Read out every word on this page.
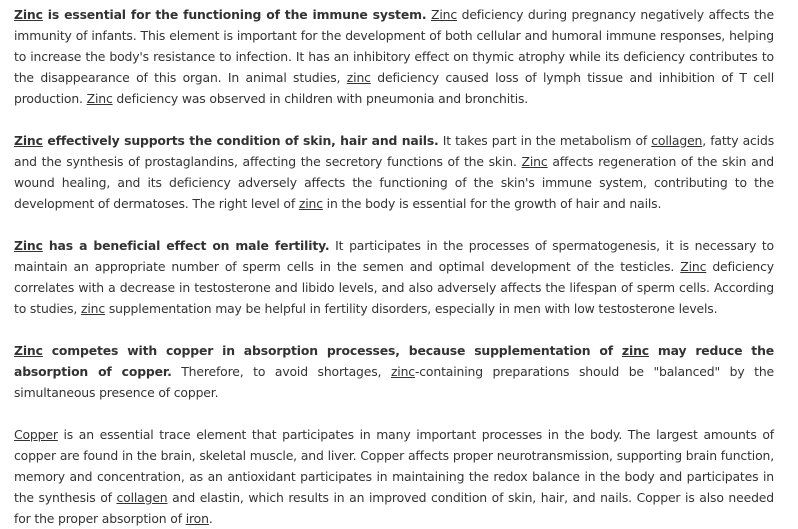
Zinc is essential for the functioning of the immune system. Zinc deficiency during pregnancy negatively affects the immunity of infants. This element is important for the development of both cellular and humoral immune responses, helping to increase the body's resistance to infection. It has an inhibitory effect on thymic atrophy while its deficiency contributes to the disappearance of this organ. In animal studies, zinc deficiency caused loss of lymph tissue and inhibition of T cell production. Zinc deficiency was observed in children with pneumonia and bronchitis.

Zinc effectively supports the condition of skin, hair and nails. It takes part in the metabolism of collagen, fatty acids and the synthesis of prostaglandins, affecting the secretory functions of the skin. Zinc affects regeneration of the skin and wound healing, and its deficiency adversely affects the functioning of the skin's immune system, contributing to the development of dermatoses. The right level of zinc in the body is essential for the growth of hair and nails.

Zinc has a beneficial effect on male fertility. It participates in the processes of spermatogenesis, it is necessary to maintain an appropriate number of sperm cells in the semen and optimal development of the testicles. Zinc deficiency correlates with a decrease in testosterone and libido levels, and also adversely affects the lifespan of sperm cells. According to studies, zinc supplementation may be helpful in fertility disorders, especially in men with low testosterone levels.

Zinc competes with copper in absorption processes, because supplementation of zinc may reduce the absorption of copper. Therefore, to avoid shortages, zinc-containing preparations should be "balanced" by the simultaneous presence of copper.

Copper is an essential trace element that participates in many important processes in the body. The largest amounts of copper are found in the brain, skeletal muscle, and liver. Copper affects proper neurotransmission, supporting brain function, memory and concentration, as an antioxidant participates in maintaining the redox balance in the body and participates in the synthesis of collagen and elastin, which results in an improved condition of skin, hair, and nails. Copper is also needed for the proper absorption of iron.
